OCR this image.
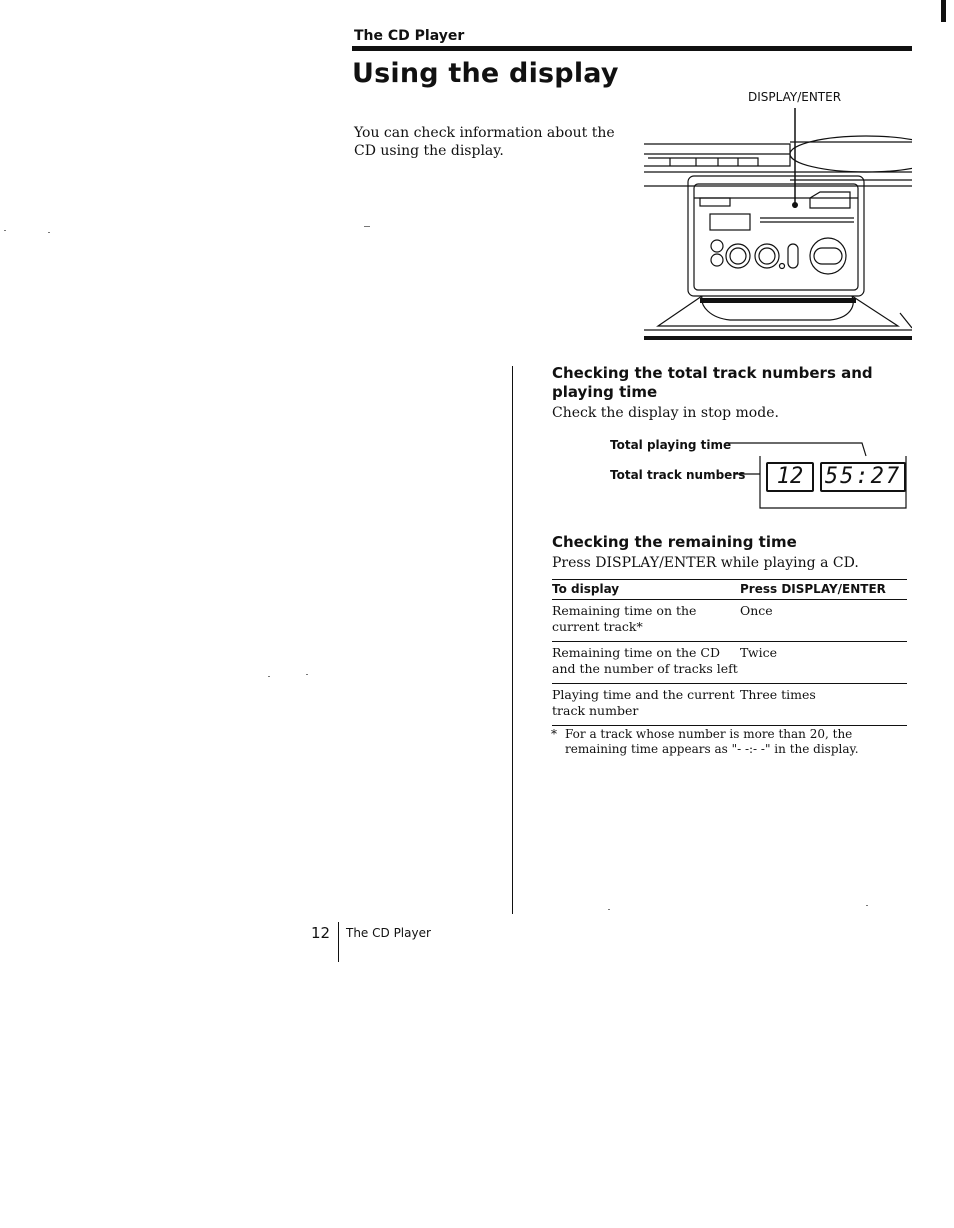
The CD Player
Using the display
You can check information about the CD using the display.
DISPLAY/ENTER
Checking the total track numbers and playing time
Check the display in stop mode.
Total playing time
Total track numbers	12 55:27
Checking the remaining time
Press DISPLAY/ENTER while playing a CD.
To display	Press DISPLAY/ENTER
Remaining time on the current track*	Once
Remaining time on the CD and the number of tracks left	Twice
Playing time and the current track number	Three times
* For a track whose number is more than 20, the remaining time appears as "- -:- -" in the display.
12 The CD Player
